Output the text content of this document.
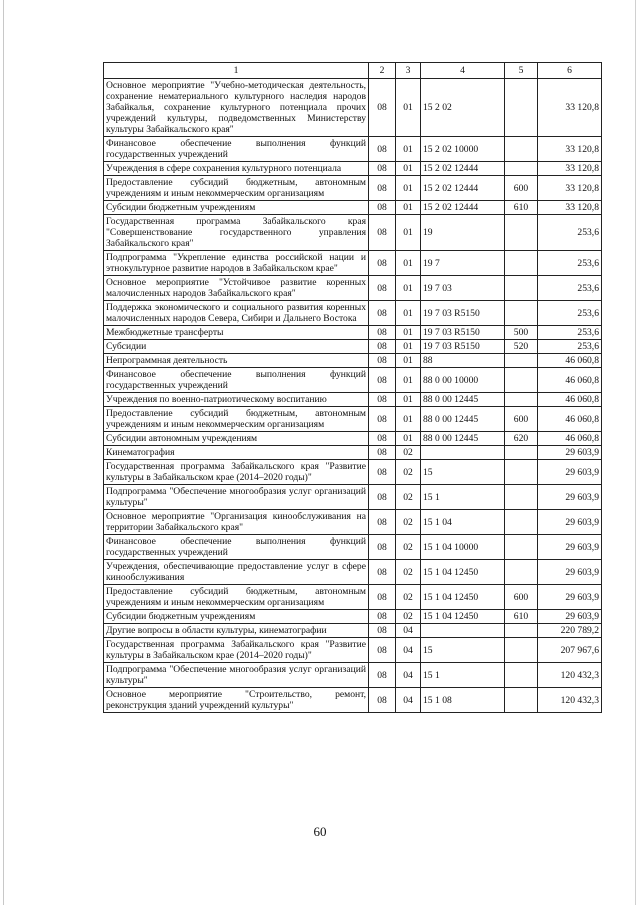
1	2	3	4	5	6
Основное мероприятие "Учебно-методическая деятельность, сохранение нематериального культурного наследия народов Забайкалья, сохранение культурного потенциала прочих учреждений культуры, подведомственных Министерству культуры Забайкальского края"	08	01	15 2 02		33 120,8
Финансовое обеспечение выполнения функций государственных учреждений	08	01	15 2 02 10000		33 120,8
Учреждения в сфере сохранения культурного потенциала	08	01	15 2 02 12444		33 120,8
Предоставление субсидий бюджетным, автономным учреждениям и иным некоммерческим организациям	08	01	15 2 02 12444	600	33 120,8
Субсидии бюджетным учреждениям	08	01	15 2 02 12444	610	33 120,8
Государственная программа Забайкальского края "Совершенствование государственного управления Забайкальского края"	08	01	19		253,6
Подпрограмма "Укрепление единства российской нации и этнокультурное развитие народов в Забайкальском крае"	08	01	19 7		253,6
Основное мероприятие "Устойчивое развитие коренных малочисленных народов Забайкальского края"	08	01	19 7 03		253,6
Поддержка экономического и социального развития коренных малочисленных народов Севера, Сибири и Дальнего Востока	08	01	19 7 03 R5150		253,6
Межбюджетные трансферты	08	01	19 7 03 R5150	500	253,6
Субсидии	08	01	19 7 03 R5150	520	253,6
Непрограммная деятельность	08	01	88		46 060,8
Финансовое обеспечение выполнения функций государственных учреждений	08	01	88 0 00 10000		46 060,8
Учреждения по военно-патриотическому воспитанию	08	01	88 0 00 12445		46 060,8
Предоставление субсидий бюджетным, автономным учреждениям и иным некоммерческим организациям	08	01	88 0 00 12445	600	46 060,8
Субсидии автономным учреждениям	08	01	88 0 00 12445	620	46 060,8
Кинематография	08	02			29 603,9
Государственная программа Забайкальского края "Развитие культуры в Забайкальском крае (2014–2020 годы)"	08	02	15		29 603,9
Подпрограмма "Обеспечение многообразия услуг организаций культуры"	08	02	15 1		29 603,9
Основное мероприятие "Организация кинообслуживания на территории Забайкальского края"	08	02	15 1 04		29 603,9
Финансовое обеспечение выполнения функций государственных учреждений	08	02	15 1 04 10000		29 603,9
Учреждения, обеспечивающие предоставление услуг в сфере кинообслуживания	08	02	15 1 04 12450		29 603,9
Предоставление субсидий бюджетным, автономным учреждениям и иным некоммерческим организациям	08	02	15 1 04 12450	600	29 603,9
Субсидии бюджетным учреждениям	08	02	15 1 04 12450	610	29 603,9
Другие вопросы в области культуры, кинематографии	08	04			220 789,2
Государственная программа Забайкальского края "Развитие культуры в Забайкальском крае (2014–2020 годы)"	08	04	15		207 967,6
Подпрограмма "Обеспечение многообразия услуг организаций культуры"	08	04	15 1		120 432,3
Основное мероприятие "Строительство, ремонт, реконструкция зданий учреждений культуры"	08	04	15 1 08		120 432,3
60
